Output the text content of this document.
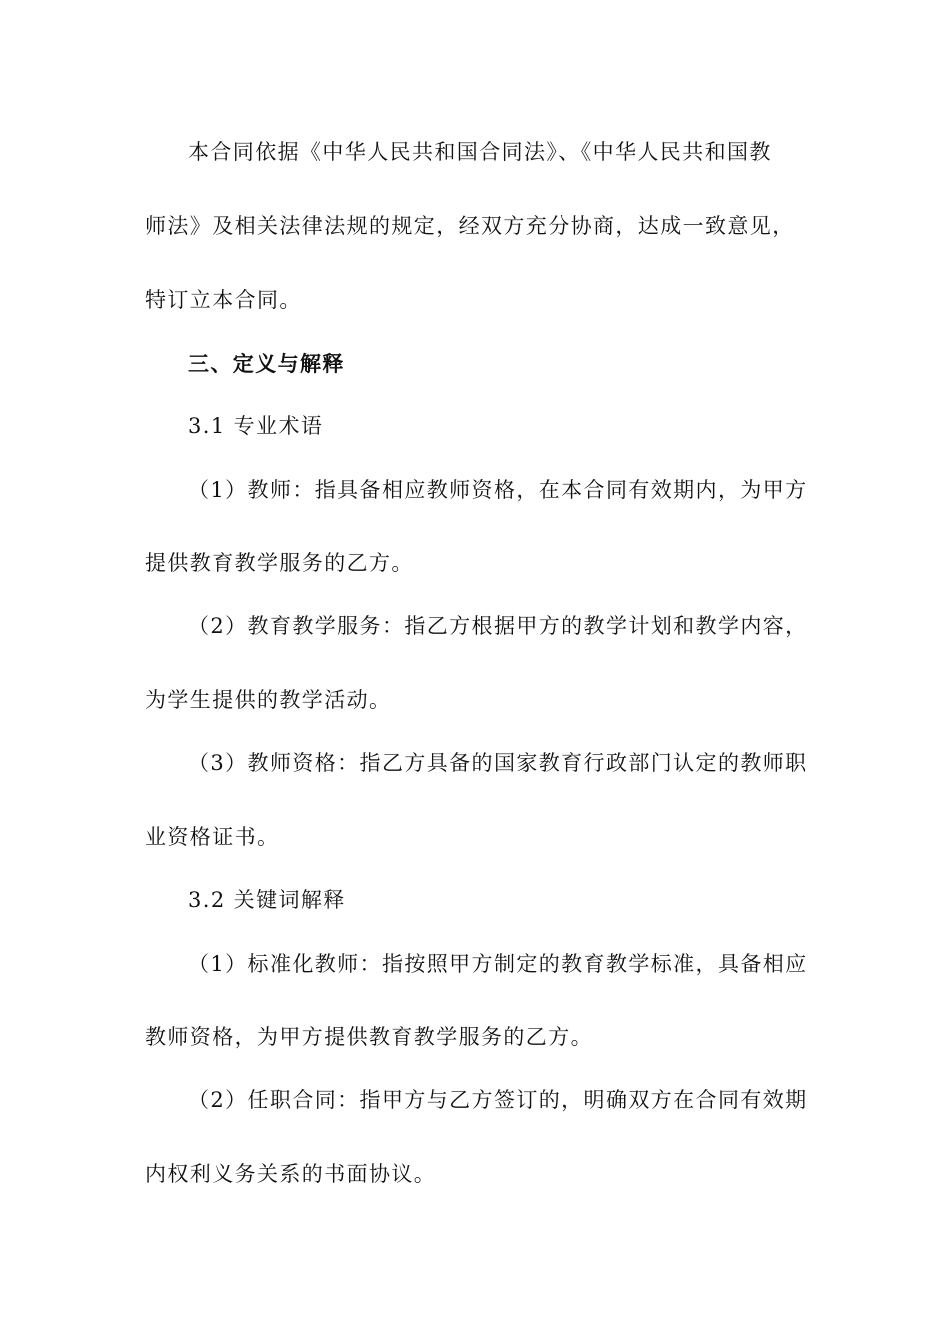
本合同依据《中华人民共和国合同法》、《中华人民共和国教
师法》及相关法律法规的规定，经双方充分协商，达成一致意见，
特订立本合同。
三、定义与解释
3.1 专业术语
（1）教师：指具备相应教师资格，在本合同有效期内，为甲方
提供教育教学服务的乙方。
（2）教育教学服务：指乙方根据甲方的教学计划和教学内容，
为学生提供的教学活动。
（3）教师资格：指乙方具备的国家教育行政部门认定的教师职
业资格证书。
3.2 关键词解释
（1）标准化教师：指按照甲方制定的教育教学标准，具备相应
教师资格，为甲方提供教育教学服务的乙方。
（2）任职合同：指甲方与乙方签订的，明确双方在合同有效期
内权利义务关系的书面协议。
